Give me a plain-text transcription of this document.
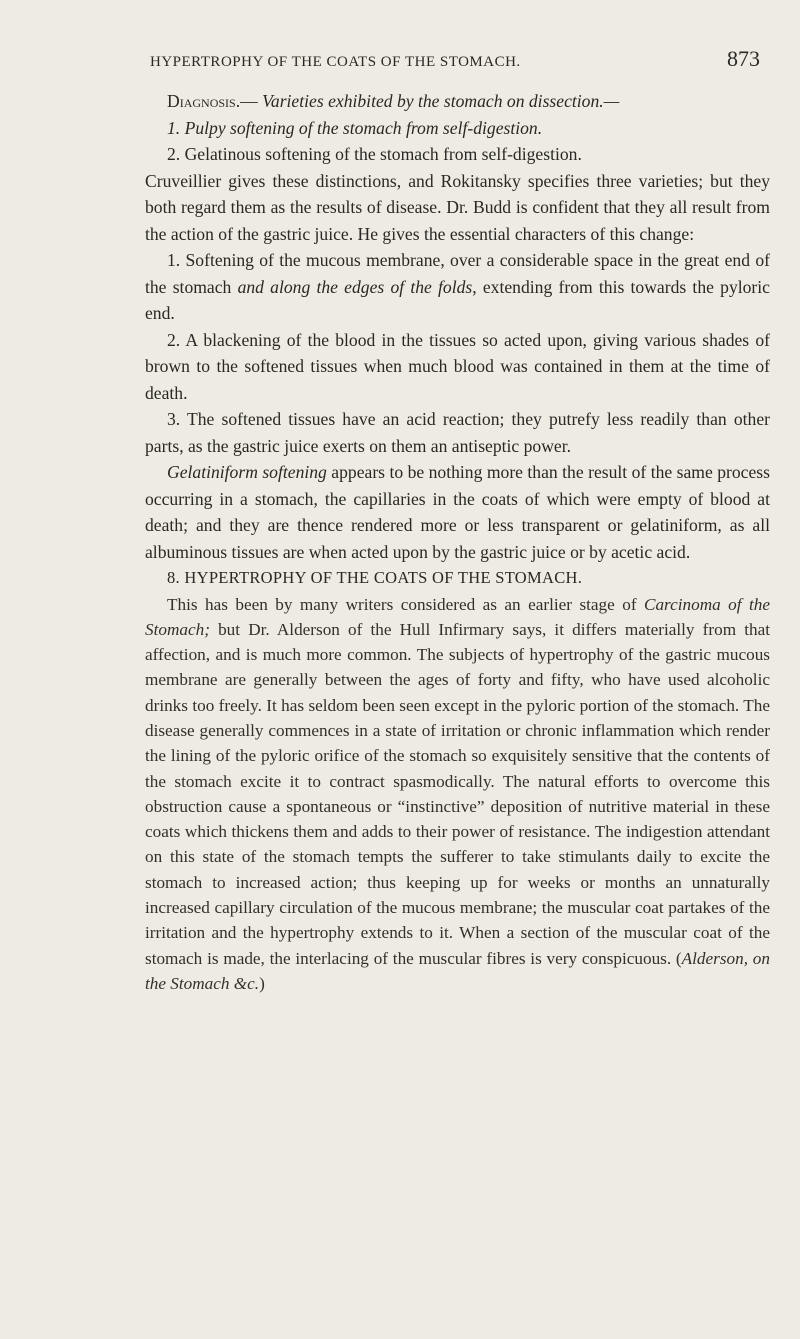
HYPERTROPHY OF THE COATS OF THE STOMACH.	873

Diagnosis.— Varieties exhibited by the stomach on dissection.—

1. Pulpy softening of the stomach from self-digestion.

2. Gelatinous softening of the stomach from self-digestion.

Cruveillier gives these distinctions, and Rokitansky specifies three varieties; but they both regard them as the results of disease. Dr. Budd is confident that they all result from the action of the gastric juice. He gives the essential characters of this change:

1. Softening of the mucous membrane, over a considerable space in the great end of the stomach and along the edges of the folds, extending from this towards the pyloric end.

2. A blackening of the blood in the tissues so acted upon, giving various shades of brown to the softened tissues when much blood was contained in them at the time of death.

3. The softened tissues have an acid reaction; they putrefy less readily than other parts, as the gastric juice exerts on them an antiseptic power.

Gelatiniform softening appears to be nothing more than the result of the same process occurring in a stomach, the capillaries in the coats of which were empty of blood at death; and they are thence rendered more or less transparent or gelatiniform, as all albuminous tissues are when acted upon by the gastric juice or by acetic acid.

8. HYPERTROPHY OF THE COATS OF THE STOMACH.

This has been by many writers considered as an earlier stage of Carcinoma of the Stomach; but Dr. Alderson of the Hull Infirmary says, it differs materially from that affection, and is much more common. The subjects of hypertrophy of the gastric mucous membrane are generally between the ages of forty and fifty, who have used alcoholic drinks too freely. It has seldom been seen except in the pyloric portion of the stomach. The disease generally commences in a state of irritation or chronic inflammation which render the lining of the pyloric orifice of the stomach so exquisitely sensitive that the contents of the stomach excite it to contract spasmodically. The natural efforts to overcome this obstruction cause a spontaneous or “instinctive” deposition of nutritive material in these coats which thickens them and adds to their power of resistance. The indigestion attendant on this state of the stomach tempts the sufferer to take stimulants daily to excite the stomach to increased action; thus keeping up for weeks or months an unnaturally increased capillary circulation of the mucous membrane; the muscular coat partakes of the irritation and the hypertrophy extends to it. When a section of the muscular coat of the stomach is made, the interlacing of the muscular fibres is very conspicuous. (Alderson, on the Stomach &c.)
